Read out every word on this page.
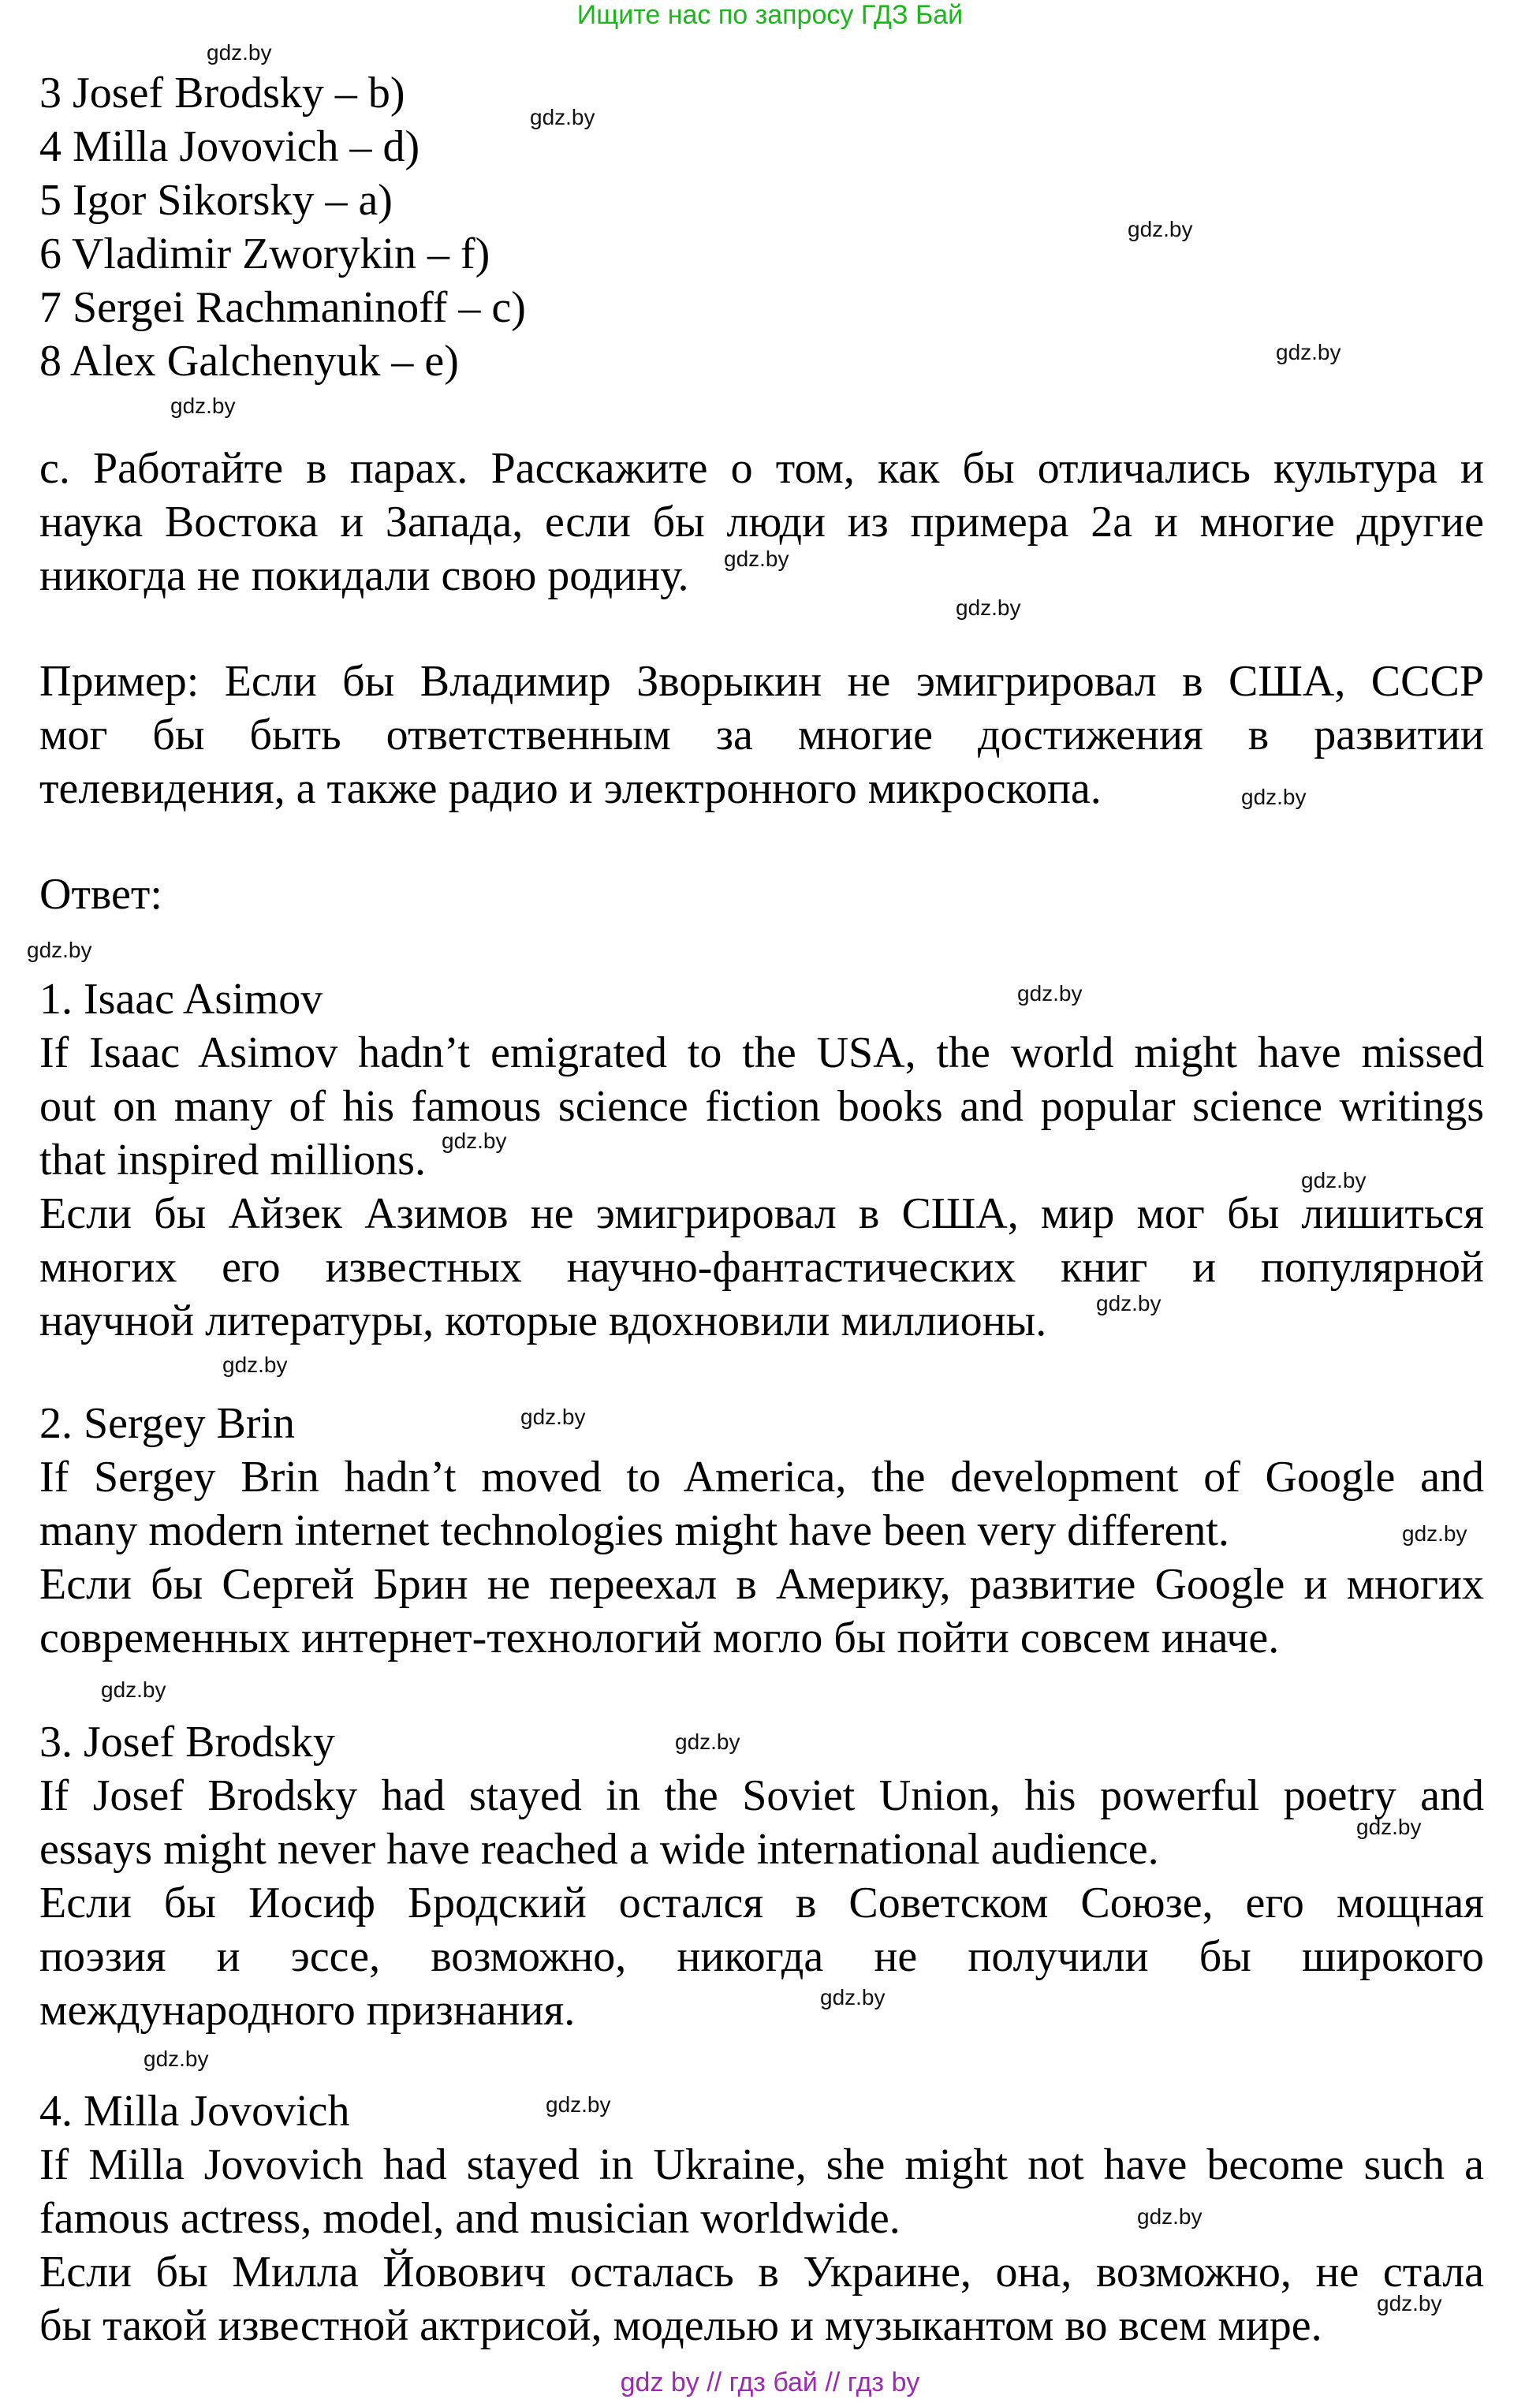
Ищите нас по запросу ГДЗ Бай
3 Josef Brodsky – b)
4 Milla Jovovich – d)
5 Igor Sikorsky – a)
6 Vladimir Zworykin – f)
7 Sergei Rachmaninoff – c)
8 Alex Galchenyuk – e)
c. Работайте в парах. Расскажите о том, как бы отличались культура и
наука Востока и Запада, если бы люди из примера 2a и многие другие
никогда не покидали свою родину.
Пример: Если бы Владимир Зворыкин не эмигрировал в США, СССР
мог бы быть ответственным за многие достижения в развитии
телевидения, а также радио и электронного микроскопа.
Ответ:
1. Isaac Asimov
If Isaac Asimov hadn’t emigrated to the USA, the world might have missed
out on many of his famous science fiction books and popular science writings
that inspired millions.
Если бы Айзек Азимов не эмигрировал в США, мир мог бы лишиться
многих его известных научно-фантастических книг и популярной
научной литературы, которые вдохновили миллионы.
2. Sergey Brin
If Sergey Brin hadn’t moved to America, the development of Google and
many modern internet technologies might have been very different.
Если бы Сергей Брин не переехал в Америку, развитие Google и многих
современных интернет-технологий могло бы пойти совсем иначе.
3. Josef Brodsky
If Josef Brodsky had stayed in the Soviet Union, his powerful poetry and
essays might never have reached a wide international audience.
Если бы Иосиф Бродский остался в Советском Союзе, его мощная
поэзия и эссе, возможно, никогда не получили бы широкого
международного признания.
4. Milla Jovovich
If Milla Jovovich had stayed in Ukraine, she might not have become such a
famous actress, model, and musician worldwide.
Если бы Милла Йовович осталась в Украине, она, возможно, не стала
бы такой известной актрисой, моделью и музыкантом во всем мире.
gdz.by
gdz.by
gdz.by
gdz.by
gdz.by
gdz.by
gdz.by
gdz.by
gdz.by
gdz.by
gdz.by
gdz.by
gdz.by
gdz.by
gdz.by
gdz.by
gdz.by
gdz.by
gdz.by
gdz.by
gdz.by
gdz.by
gdz.by
gdz.by
gdz by // гдз бай // гдз by
